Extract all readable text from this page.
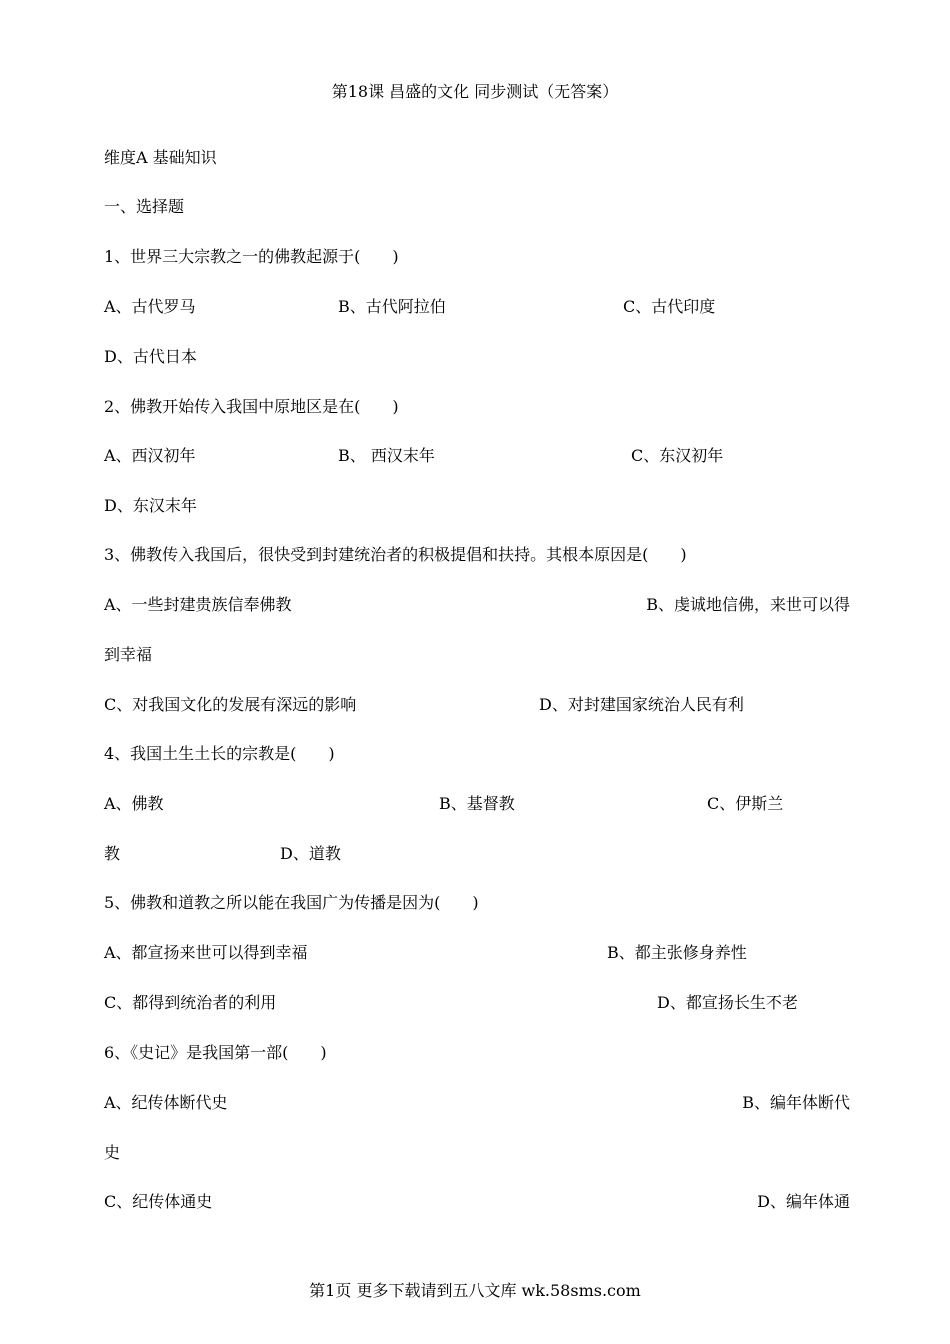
第18课 昌盛的文化 同步测试（无答案）
维度A 基础知识
一、选择题
1、世界三大宗教之一的佛教起源于(　　)
A、古代罗马	B、古代阿拉伯	C、古代印度
D、古代日本
2、佛教开始传入我国中原地区是在(　　)
A、西汉初年	B、 西汉末年	C、东汉初年
D、东汉末年
3、佛教传入我国后，很快受到封建统治者的积极提倡和扶持。其根本原因是(　　)
A、一些封建贵族信奉佛教	B、虔诚地信佛，来世可以得
到幸福
C、对我国文化的发展有深远的影响	D、对封建国家统治人民有利
4、我国土生土长的宗教是(　　)
A、佛教	B、基督教	C、伊斯兰
教	D、道教
5、佛教和道教之所以能在我国广为传播是因为(　　)
A、都宣扬来世可以得到幸福	B、都主张修身养性
C、都得到统治者的利用	D、都宣扬长生不老
6、《史记》是我国第一部(　　)
A、纪传体断代史	B、编年体断代
史
C、纪传体通史	D、编年体通
第1页 更多下载请到五八文库 wk.58sms.com
